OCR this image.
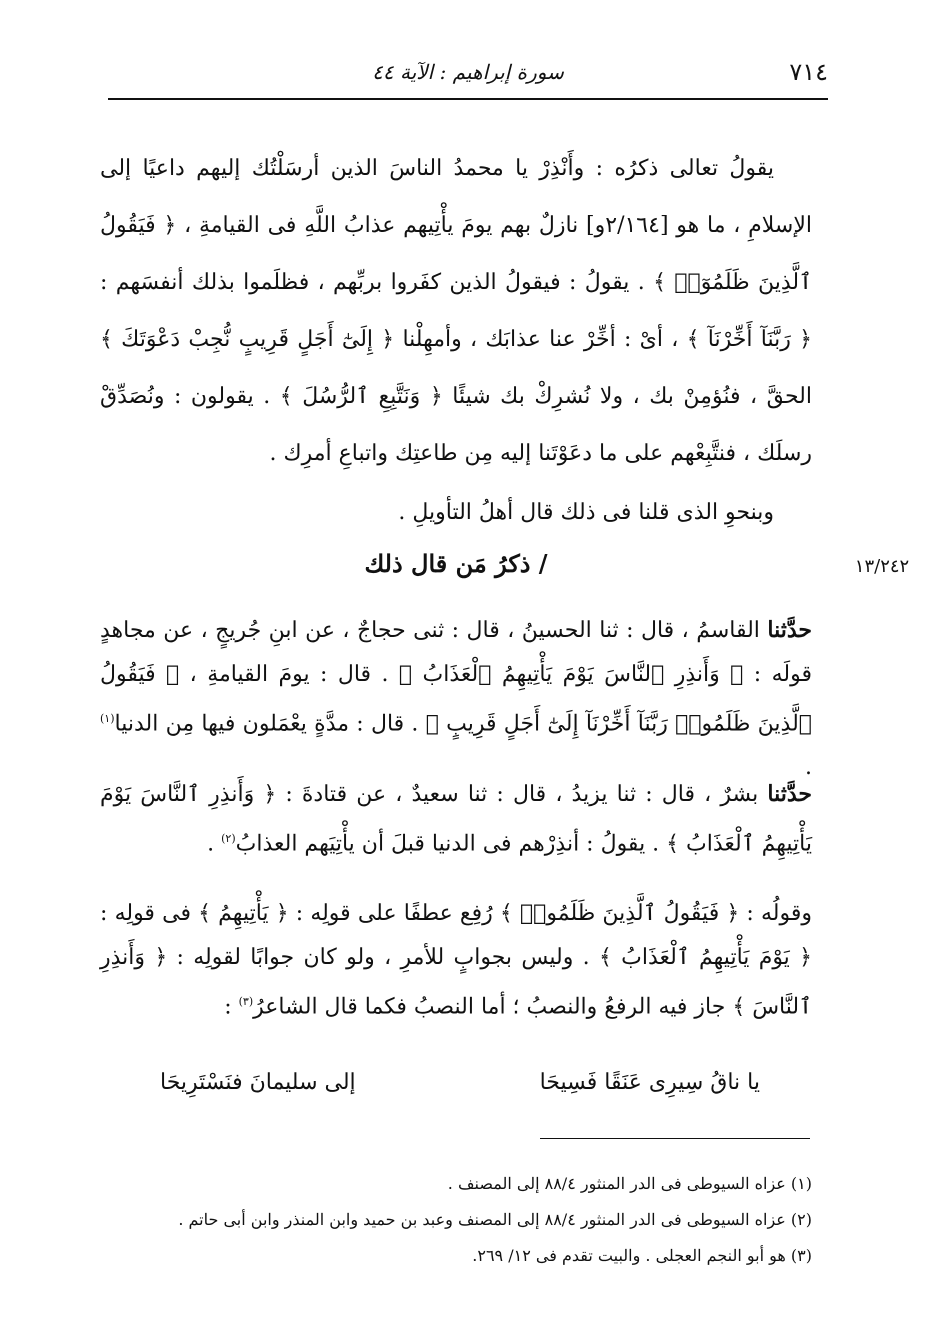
٧١٤
سورة إبراهيم : الآية ٤٤

يقولُ تعالى ذكرُه : وأَنْذِرْ يا محمدُ الناسَ الذين أرسَلْتُك إليهم داعيًا إلى الإسلامِ ، ما هو [٢/١٦٤و] نازلٌ بهم يومَ يأْتِيهم عذابُ اللَّهِ فى القيامةِ ، ﴿ فَيَقُولُ ٱلَّذِينَ ظَلَمُوٓا۟ ﴾ . يقولُ : فيقولُ الذين كفَروا بربِّهم ، فظلَموا بذلك أنفسَهم : ﴿ رَبَّنَآ أَخِّرْنَآ ﴾ ، أىْ : أخِّرْ عنا عذابَك ، وأمهِلْنا ﴿ إِلَىٰٓ أَجَلٍ قَرِيبٍ نُّجِبْ دَعْوَتَكَ ﴾ الحقَّ ، فنُؤمِنْ بك ، ولا نُشرِكْ بك شيئًا ﴿ وَنَتَّبِعِ ٱلرُّسُلَ ﴾ . يقولون : ونُصَدِّقْ رسلَك ، فنتَّبِعْهم على ما دعَوْتَنا إليه مِن طاعتِك واتباعِ أمرِك .

وبنحوِ الذى قلنا فى ذلك قال أهلُ التأويلِ .

/ ذكرُ مَن قال ذلك	١٣/٢٤٢

حدَّثنا القاسمُ ، قال : ثنا الحسينُ ، قال : ثنى حجاجٌ ، عن ابنِ جُريجٍ ، عن مجاهدٍ قولَه : ﴿ وَأَنذِرِ ٱلنَّاسَ يَوْمَ يَأْتِيهِمُ ٱلْعَذَابُ ﴾ . قال : يومَ القيامةِ ، ﴿ فَيَقُولُ ٱلَّذِينَ ظَلَمُوا۟ رَبَّنَآ أَخِّرْنَآ إِلَىٰٓ أَجَلٍ قَرِيبٍ ﴾ . قال : مدَّةٍ يعْمَلون فيها مِن الدنيا$^{(١)}$ .

حدَّثنا بشرٌ ، قال : ثنا يزيدُ ، قال : ثنا سعيدٌ ، عن قتادةَ : ﴿ وَأَنذِرِ ٱلنَّاسَ يَوْمَ يَأْتِيهِمُ ٱلْعَذَابُ ﴾ . يقولُ : أنذِرْهم فى الدنيا قبلَ أن يأْتِيَهم العذابُ$^{(٢)}$ .

وقولُه : ﴿ فَيَقُولُ ٱلَّذِينَ ظَلَمُوا۟ ﴾ رُفِع عطفًا على قولِه : ﴿ يَأْتِيهِمُ ﴾ فى قولِه : ﴿ يَوْمَ يَأْتِيهِمُ ٱلْعَذَابُ ﴾ . وليس بجوابٍ للأمرِ ، ولو كان جوابًا لقولِه : ﴿ وَأَنذِرِ ٱلنَّاسَ ﴾ جاز فيه الرفعُ والنصبُ ؛ أما النصبُ فكما قال الشاعرُ$^{(٣)}$ :

يا ناقُ سِيرِى عَنَقًا فَسِيحَا
إلى سليمانَ فنَسْتَرِيحَا
(١) عزاه السيوطى فى الدر المنثور ٨٨/٤ إلى المصنف .
(٢) عزاه السيوطى فى الدر المنثور ٨٨/٤ إلى المصنف وعبد بن حميد وابن المنذر وابن أبى حاتم .
(٣) هو أبو النجم العجلى . والبيت تقدم فى ١٢/ ٢٦٩.
